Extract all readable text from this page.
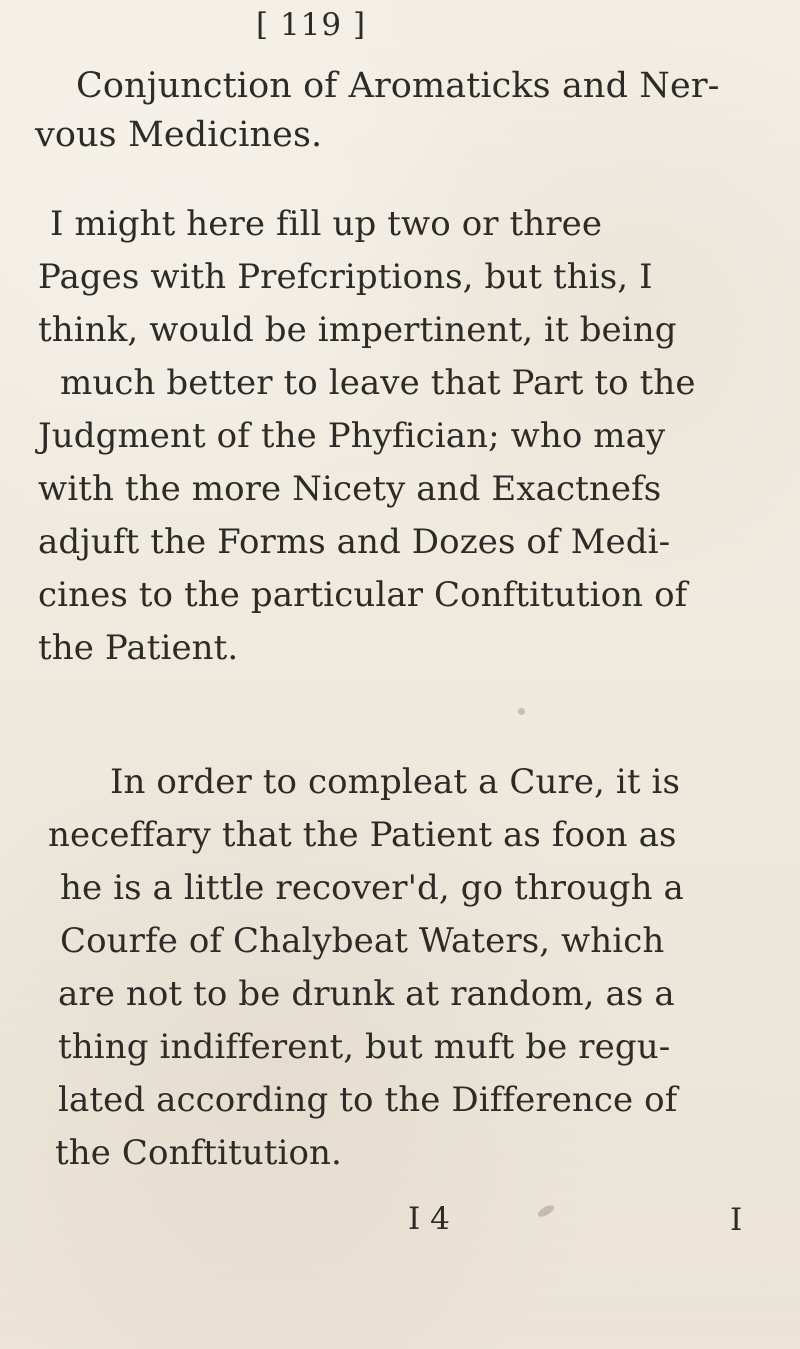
[ 119 ]
Conjunction of Aromaticks and Ner-
vous Medicines.
I might here fill up two or three
Pages with Prefcriptions, but this, I
think, would be impertinent, it being
much better to leave that Part to the
Judgment of the Phyfician; who may
with the more Nicety and Exactnefs
adjuft the Forms and Dozes of Medi-
cines to the particular Conftitution of
the Patient.
In order to compleat a Cure, it is
neceffary that the Patient as foon as
he is a little recover'd, go through a
Courfe of Chalybeat Waters, which
are not to be drunk at random, as a
thing indifferent, but muft be regu-
lated according to the Difference of
the Conftitution.
I 4	I
